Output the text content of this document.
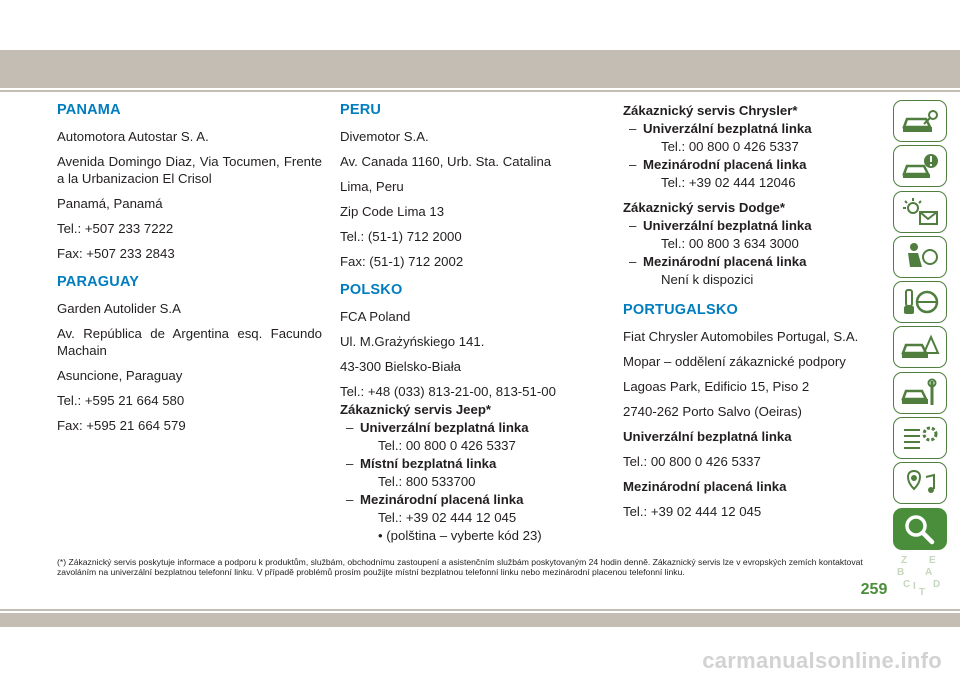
PANAMA

Automotora Autostar S. A.

Avenida Domingo Diaz, Via Tocumen, Frente a la Urbanizacion El Crisol

Panamá, Panamá

Tel.: +507 233 7222

Fax: +507 233 2843

PARAGUAY

Garden Autolider S.A

Av. República de Argentina esq. Facundo Machain

Asuncione, Paraguay

Tel.: +595 21 664 580

Fax: +595 21 664 579

PERU

Divemotor S.A.

Av. Canada 1160, Urb. Sta. Catalina

Lima, Peru

Zip Code Lima 13

Tel.: (51-1) 712 2000

Fax: (51-1) 712 2002

POLSKO

FCA Poland

Ul. M.Grażyńskiego 141.

43-300 Bielsko-Biała

Tel.: +48 (033) 813-21-00, 813-51-00

Zákaznický servis Jeep*

– Univerzální bezplatná linka
Tel.: 00 800 0 426 5337
– Místní bezplatná linka
Tel.: 800 533700
– Mezinárodní placená linka
Tel.: +39 02 444 12 045
• (polština – vyberte kód 23)

Zákaznický servis Chrysler*

– Univerzální bezplatná linka
Tel.: 00 800 0 426 5337
– Mezinárodní placená linka
Tel.: +39 02 444 12046

Zákaznický servis Dodge*

– Univerzální bezplatná linka
Tel.: 00 800 3 634 3000
– Mezinárodní placená linka
Není k dispozici
PORTUGALSKO

Fiat Chrysler Automobiles Portugal, S.A.

Mopar – oddělení zákaznické podpory

Lagoas Park, Edificio 15, Piso 2

2740-262 Porto Salvo (Oeiras)

Univerzální bezplatná linka

Tel.: 00 800 0 426 5337

Mezinárodní placená linka

Tel.: +39 02 444 12 045

Z E
B A
C D
I
T
(*) Zákaznický servis poskytuje informace a podporu k produktům, službám, obchodnímu zastoupení a asistenčním službám poskytovaným 24 hodin denně. Zákaznický servis lze v evropských zemích kontaktovat zavoláním na univerzální bezplatnou telefonní linku. V případě problémů prosím použijte místní bezplatnou telefonní linku nebo mezinárodní placenou telefonní linku.
259
carmanualsonline.info
